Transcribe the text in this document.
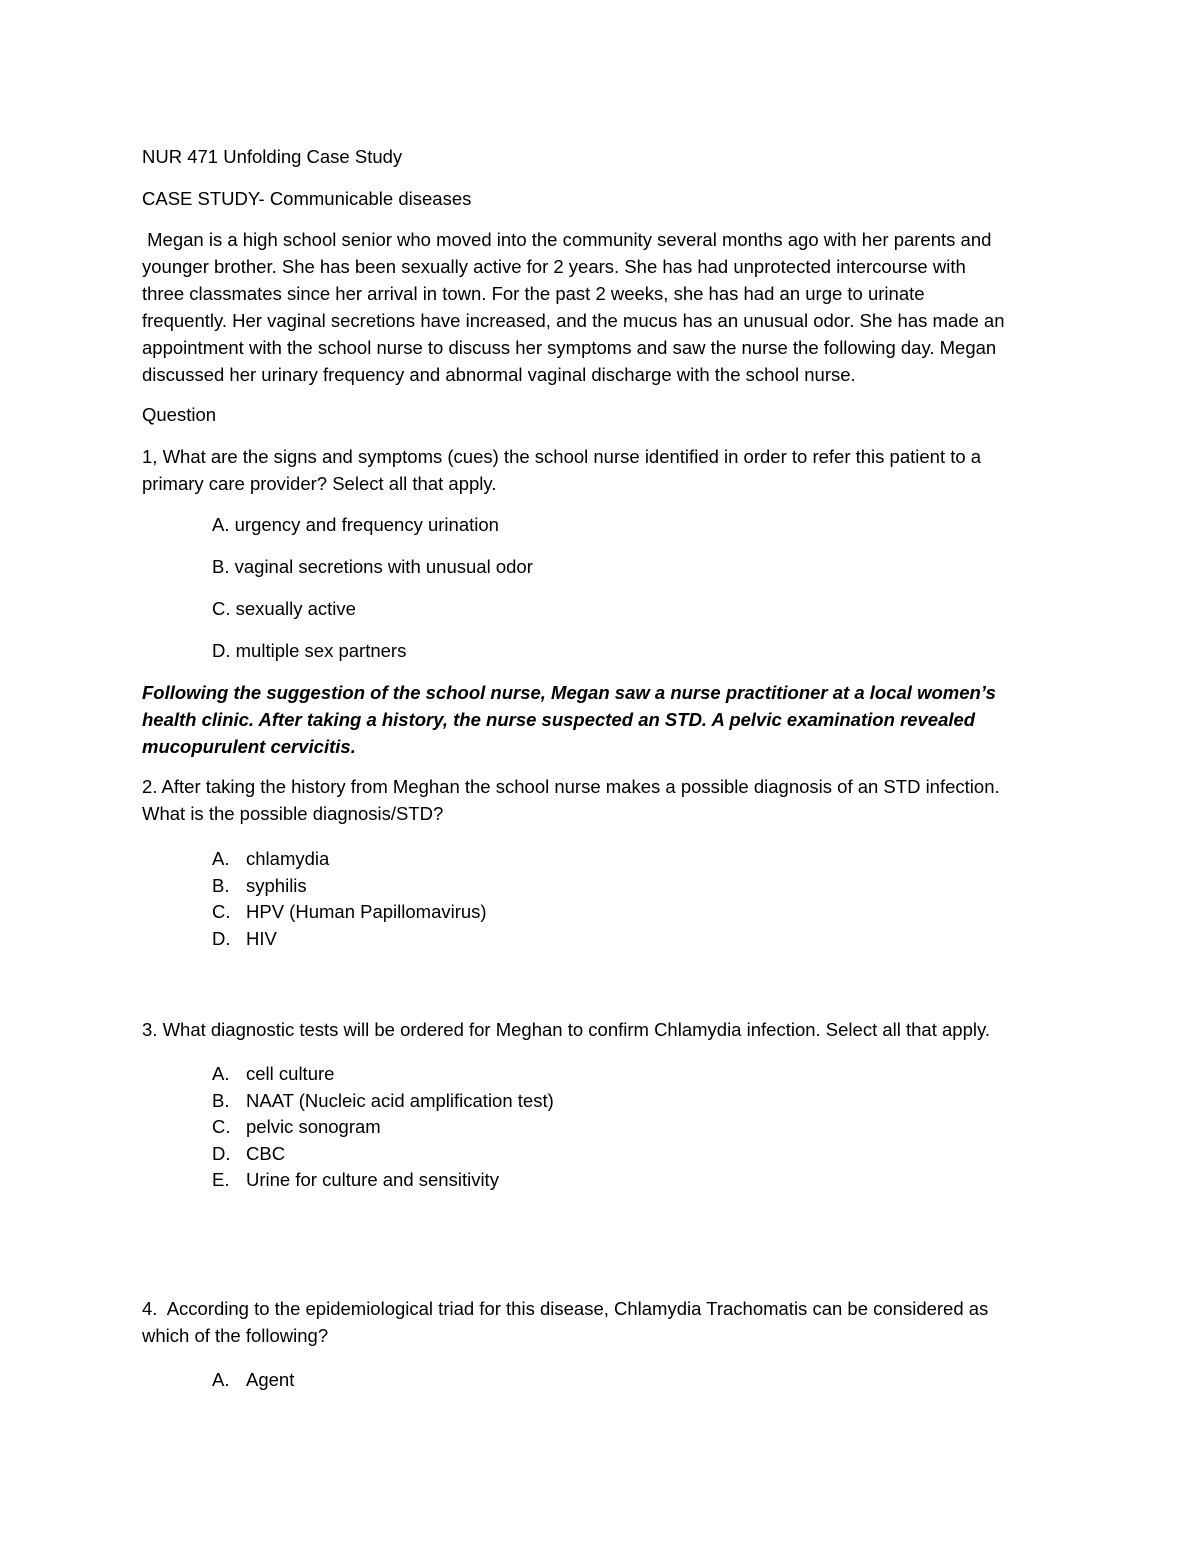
NUR 471 Unfolding Case Study

CASE STUDY- Communicable diseases

Megan is a high school senior who moved into the community several months ago with her parents and
younger brother. She has been sexually active for 2 years. She has had unprotected intercourse with
three classmates since her arrival in town. For the past 2 weeks, she has had an urge to urinate
frequently. Her vaginal secretions have increased, and the mucus has an unusual odor. She has made an
appointment with the school nurse to discuss her symptoms and saw the nurse the following day. Megan
discussed her urinary frequency and abnormal vaginal discharge with the school nurse.

Question

1, What are the signs and symptoms (cues) the school nurse identified in order to refer this patient to a
primary care provider? Select all that apply.

A. urgency and frequency urination

B. vaginal secretions with unusual odor

C. sexually active

D. multiple sex partners

Following the suggestion of the school nurse, Megan saw a nurse practitioner at a local women’s
health clinic. After taking a history, the nurse suspected an STD. A pelvic examination revealed
mucopurulent cervicitis.
2. After taking the history from Meghan the school nurse makes a possible diagnosis of an STD infection.
What is the possible diagnosis/STD?
A. chlamydia
B. syphilis
C. HPV (Human Papillomavirus)
D. HIV
3. What diagnostic tests will be ordered for Meghan to confirm Chlamydia infection. Select all that apply.
A. cell culture
B. NAAT (Nucleic acid amplification test)
C. pelvic sonogram
D. CBC
E. Urine for culture and sensitivity
4.  According to the epidemiological triad for this disease, Chlamydia Trachomatis can be considered as
which of the following?
A. Agent
